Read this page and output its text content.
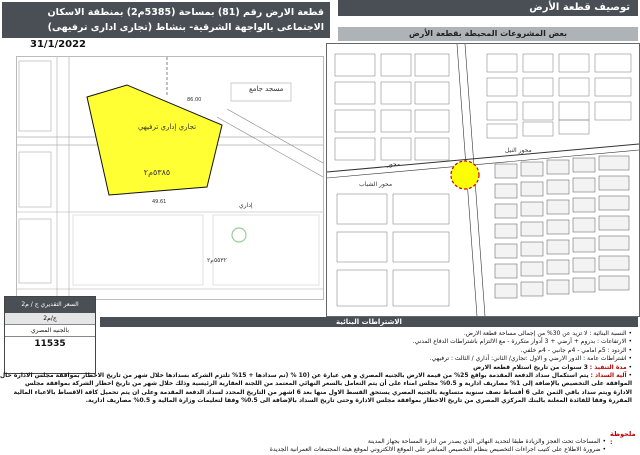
توصيف قطعة الأرض
بعض المشروعات المحيطة بقطعة الأرض
قطعة الارض رقم (81) بمساحة (5385م2) بمنطقة الاسكان
الاجتماعى بالواجهة الشرقية- بنشاط (تجارى ادارى ترفيهى)
31/1/2022
تجاري إداري ترفيهي
٥٣٨٥م٢
86.00
49.61
مسجد جامع
إداري
٥٥٣٢م٢
محور
محور النيل
محور الشباب
السعر التقديري ج / م2
ج/م2
بالجنيه المصري
11535
الاشتراطات البنائية
• النسبة البنائية : لا تزيد عن 30% من إجمالى مساحة قطعة الارض.
• الارتفاعات : بدروم + أرضي + 3 أدوار متكررة - مع الالتزام باشتراطات الدفاع المدني.
• الردود : 5م امامي - 4م جانبي - 4م خلفي.
• اشتراطات عامة : الدور الارضي و الاول :تجاري/ الثاني: أداري / الثالث : ترفيهي.
• مدة التنفيذ : 3 سنوات من تاريخ استلام قطعه الارض
• آلية السداد : يتم استكمال سداد الدفعة المقدمة بواقع 25% من قيمة الارض بالجنيه المصري و هي عبارة عن (10 % (تم سدادها + 15% تلتزم الشركة بسدادها خلال شهر من تاريخ الاخطار بموافقة مجلس الادارة حال
الموافقة على التخصيص بالإضافة إلى 1% مصاريف ادارية و 0.5% مجلس امناء على أن يتم التعامل بالسعر النهائي المعتمد من اللجنة العقارية الرئيسية وذلك خلال شهر من تاريخ اخطار الشركة بموافقة مجلس
الادارة ويتم سداد باقي الثمن على 6 أقساط نصف سنوية متساوية بالجنيه المصري يستحق القسط الاول منها بعد 6 اشهر من التاريخ المحدد لسداد الدفعة المقدمة وعلى ان يتم تحميل كافة الاقساط بالاعباء المالية
المقررة وفقا للفائدة المعلنة بالبنك المركزي المصري من تاريخ الاخطار بموافقة مجلس الادارة وحتى تاريخ السداد بالإضافة الى 0.5% وفقا لتعليمات وزارة المالية و 0.5% مصاريف ادارية.
ملحوظة :
• المساحات تحت العجز والزيادة طبقا لتحديد النهائي الذي يصدر من ادارة المساحة بجهاز المدينة
• ضرورة الاطلاع على كتيب اجراءات التخصيص بنظام التخصيص المباشر على الموقع الالكتروني لموقع هيئة المجتمعات العمرانية الجديدة
